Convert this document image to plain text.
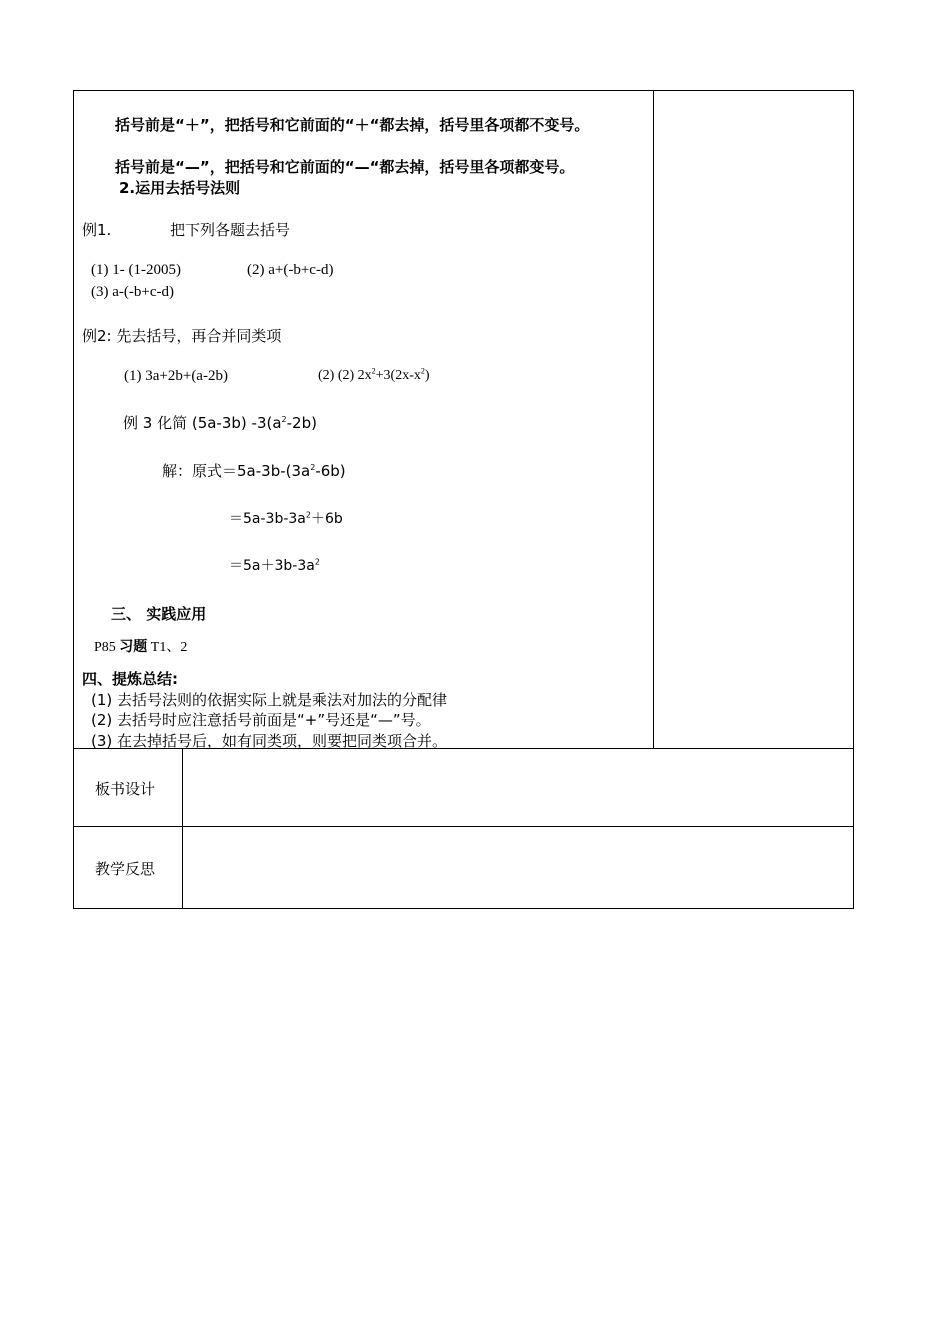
括号前是“＋”，把括号和它前面的“＋“都去掉，括号里各项都不变号。
括号前是“—”，把括号和它前面的“—“都去掉，括号里各项都变号。
2.运用去括号法则
例1.	把下列各题去括号
(1) 1- (1-2005)	(2) a+(-b+c-d)
(3) a-(-b+c-d)
例2: 先去括号，再合并同类项
(1) 3a+2b+(a-2b)	(2) (2) $2x^2+3(2x-x^2)$
例 3 化简 (5a-3b) $-3(a^2-2b)$
解：原式$=5a-3b-(3a^2-6b)$
$=5a-3b-3a^2+6b$
$=5a+3b-3a^2$
三、 实践应用
P85 习题 T1、2
四、提炼总结:
(1) 去括号法则的依据实际上就是乘法对加法的分配律
(2) 去括号时应注意括号前面是“+”号还是“—”号。
(3) 在去掉括号后，如有同类项，则要把同类项合并。
板书设计
教学反思
